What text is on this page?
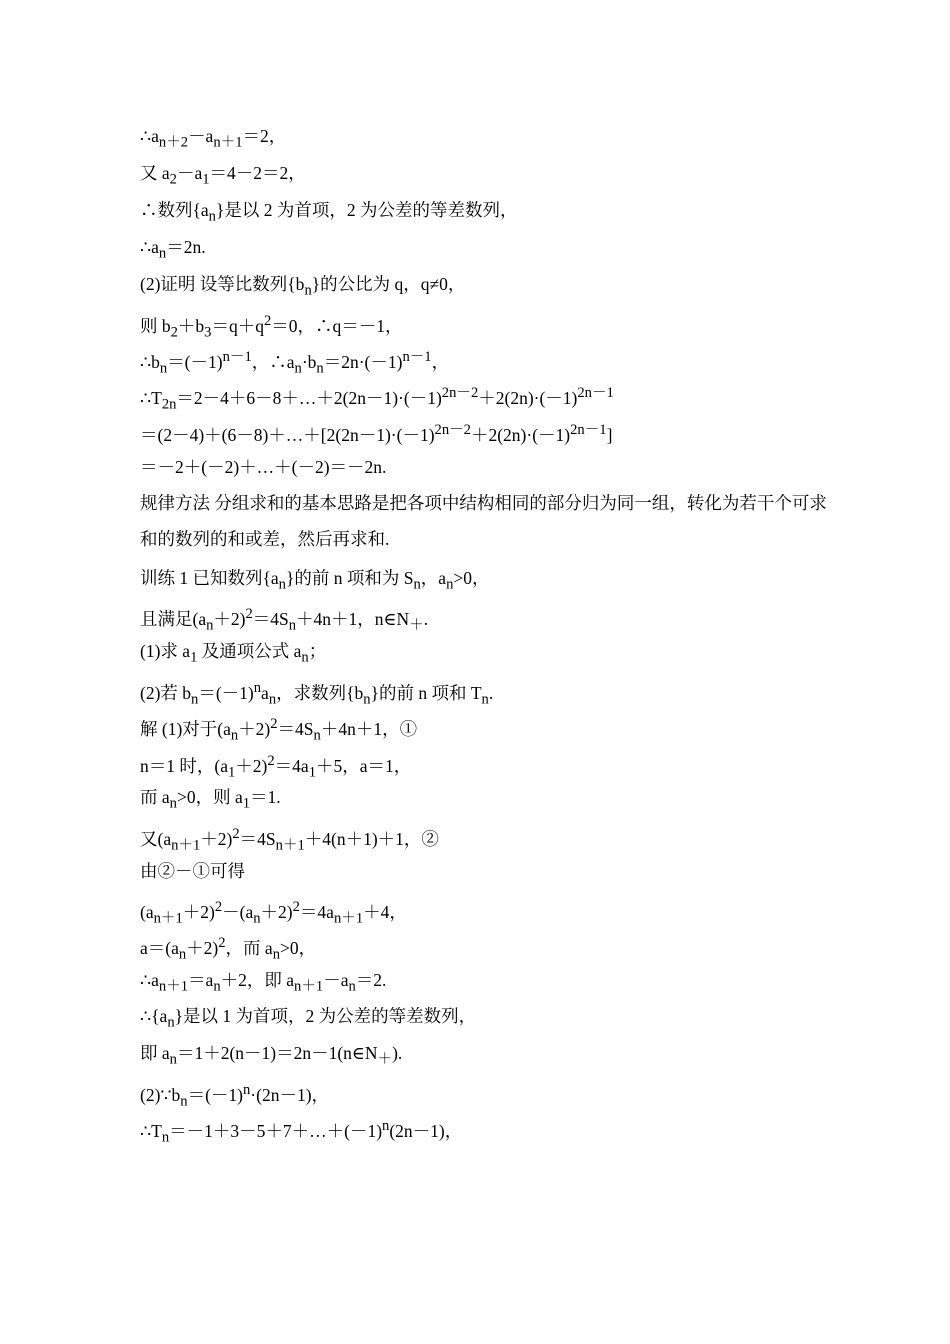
$\therefore a_{n+2}-a_{n+1}=2$，
又 $a_2-a_1=4-2=2$，
∴数列$\{a_n\}$是以 2 为首项，2 为公差的等差数列，
$\therefore a_n=2n$.
(2)证明 设等比数列$\{b_n\}$的公比为 q，q≠0，
则 $b_2+b_3=q+q^2=0$，∴q＝－1，
$\therefore b_n=(-1)^{n-1}$，$\therefore a_n\cdot b_n=2n\cdot(-1)^{n-1}$，
$\therefore T_{2n}=2-4+6-8+\dots+2(2n-1)\cdot(-1)^{2n-2}+2(2n)\cdot(-1)^{2n-1}$
$=(2-4)+(6-8)+\dots+[2(2n-1)\cdot(-1)^{2n-2}+2(2n)\cdot(-1)^{2n-1}]$
＝－2＋(－2)＋…＋(－2)＝－2n.
规律方法 分组求和的基本思路是把各项中结构相同的部分归为同一组，转化为若干个可求和的数列的和或差，然后再求和.
训练 1 已知数列$\{a_n\}$的前 n 项和为 $S_n$，$a_n>0$，
且满足$(a_n+2)^2=4S_n+4n+1$，$n\in N_+$.
(1)求 $a_1$ 及通项公式 $a_n$；
(2)若 $b_n=(-1)^na_n$，求数列$\{b_n\}$的前 n 项和 $T_n$.
解 (1)对于$(a_n+2)^2=4S_n+4n+1$，①
n＝1 时，$(a_1+2)^2=4a_1+5$，a＝1，
而 $a_n>0$，则 $a_1=1$.
又$(a_{n+1}+2)^2=4S_{n+1}+4(n+1)+1$，②
由②－①可得
$(a_{n+1}+2)^2-(a_n+2)^2=4a_{n+1}+4$，
$a=(a_n+2)^2$，而 $a_n>0$，
$\therefore a_{n+1}=a_n+2$，即 $a_{n+1}-a_n=2$.
$\therefore\{a_n\}$是以 1 为首项，2 为公差的等差数列，
即 $a_n=1+2(n-1)=2n-1(n\in N_+)$.
$(2)\because b_n=(-1)^n\cdot(2n-1)$，
$\therefore T_n=-1+3-5+7+\dots+(-1)^n(2n-1)$，
